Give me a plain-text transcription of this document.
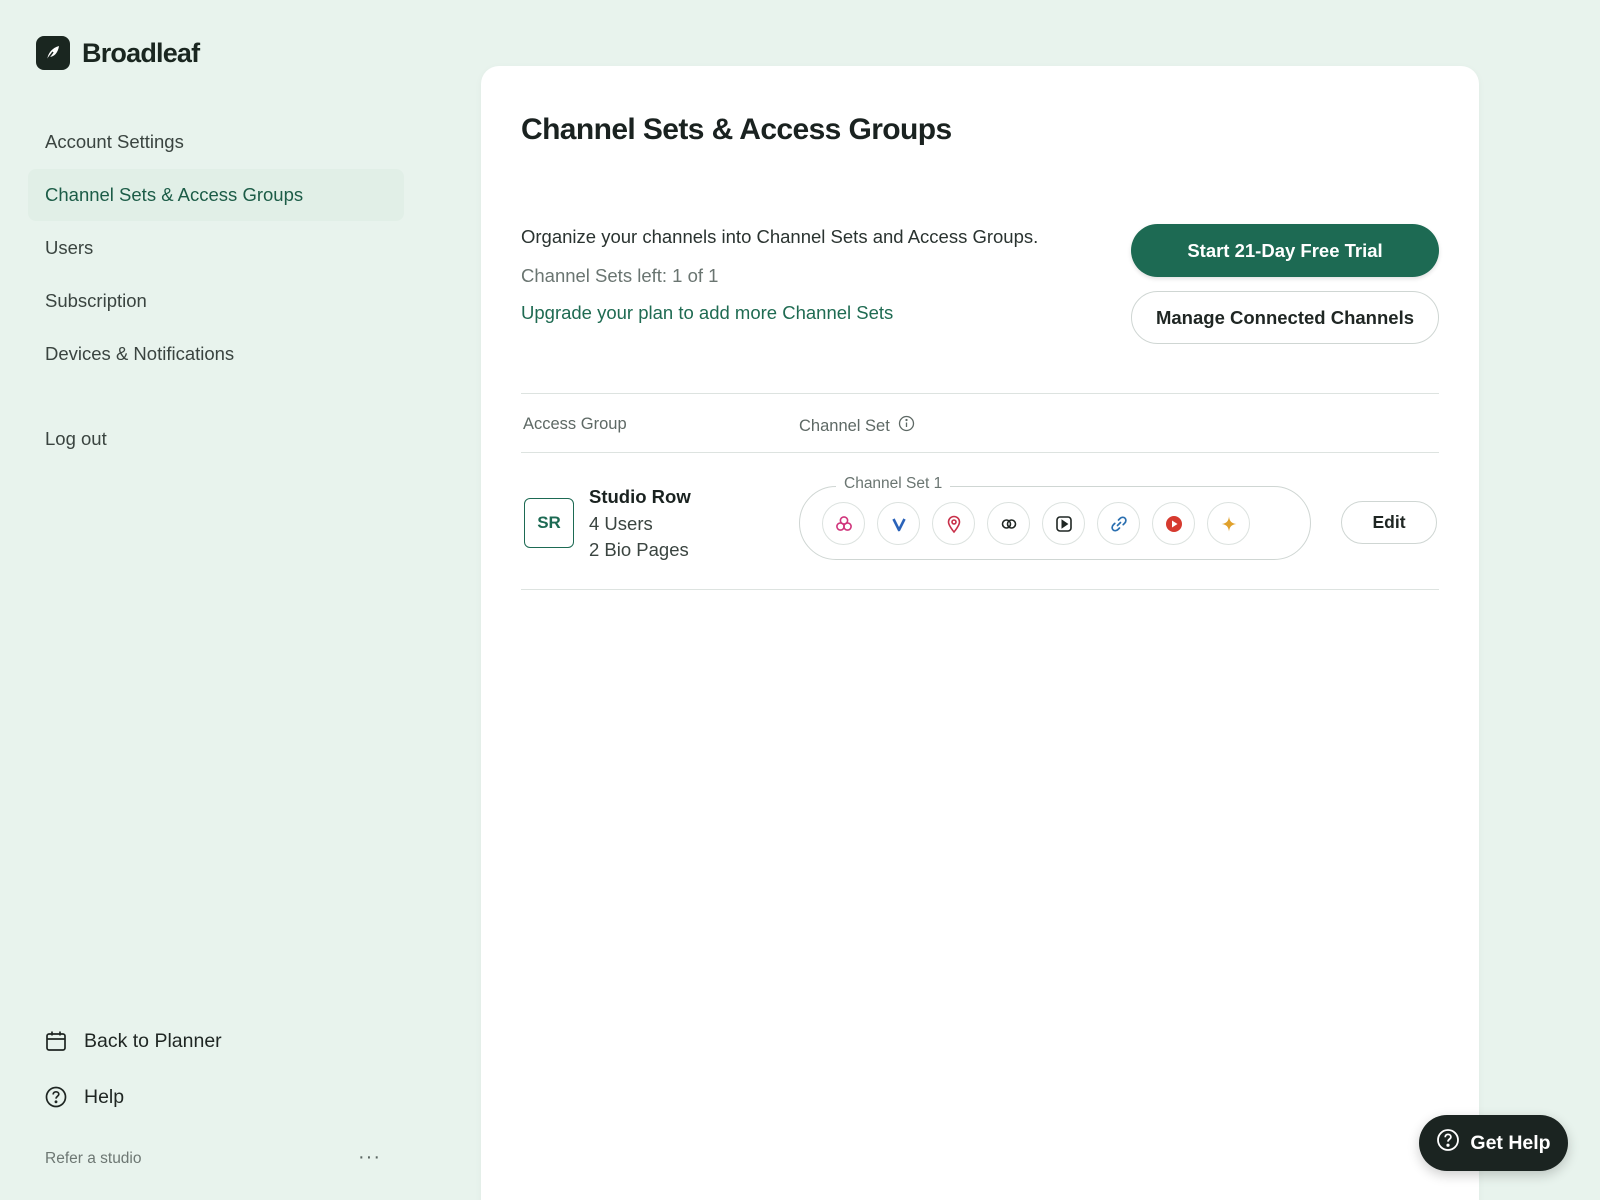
Broadleaf
Account Settings
Channel Sets & Access Groups
Users
Subscription
Devices & Notifications
Log out
Back to Planner
Help
Refer a studio	···
Channel Sets & Access Groups

Organize your channels into Channel Sets and Access Groups.

Channel Sets left: 1 of 1

Upgrade your plan to add more Channel Sets
Start 21-Day Free Trial
Manage Connected Channels
Access Group	Channel Set
SR
Studio Row
4 Users
2 Bio Pages
Channel Set 1
Edit
Get Help
